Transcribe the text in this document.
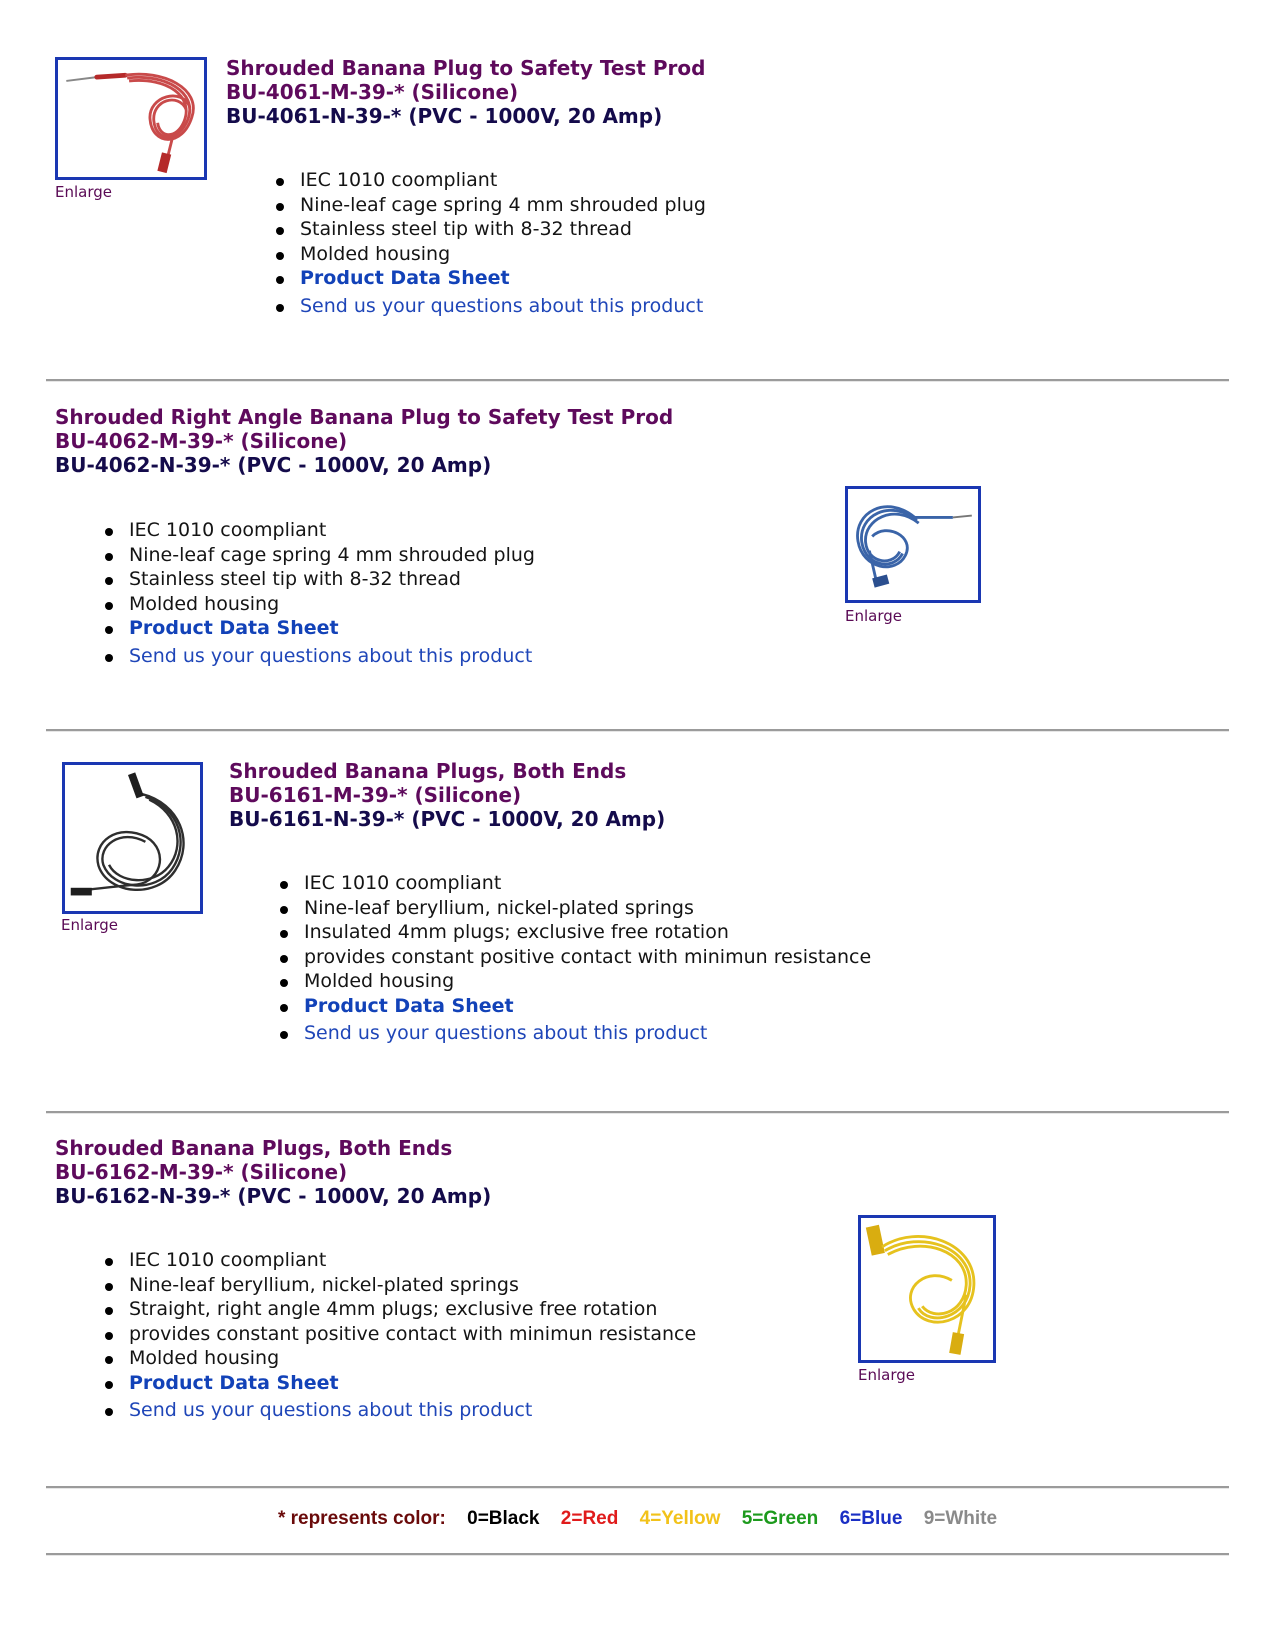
Enlarge

Shrouded Banana Plug to Safety Test Prod

BU-4061-M-39-* (Silicone)

BU-4061-N-39-* (PVC - 1000V, 20 Amp)

IEC 1010 coompliant
Nine-leaf cage spring 4 mm shrouded plug
Stainless steel tip with 8-32 thread
Molded housing
Product Data Sheet
Send us your questions about this product

Shrouded Right Angle Banana Plug to Safety Test Prod

BU-4062-M-39-* (Silicone)

BU-4062-N-39-* (PVC - 1000V, 20 Amp)

IEC 1010 coompliant
Nine-leaf cage spring 4 mm shrouded plug
Stainless steel tip with 8-32 thread
Molded housing
Product Data Sheet
Send us your questions about this product
Enlarge
Enlarge

Shrouded Banana Plugs, Both Ends

BU-6161-M-39-* (Silicone)

BU-6161-N-39-* (PVC - 1000V, 20 Amp)

IEC 1010 coompliant
Nine-leaf beryllium, nickel-plated springs
Insulated 4mm plugs; exclusive free rotation
provides constant positive contact with minimun resistance
Molded housing
Product Data Sheet
Send us your questions about this product

Shrouded Banana Plugs, Both Ends

BU-6162-M-39-* (Silicone)

BU-6162-N-39-* (PVC - 1000V, 20 Amp)

IEC 1010 coompliant
Nine-leaf beryllium, nickel-plated springs
Straight, right angle 4mm plugs; exclusive free rotation
provides constant positive contact with minimun resistance
Molded housing
Product Data Sheet
Send us your questions about this product
Enlarge
* represents color: 0=Black 2=Red 4=Yellow 5=Green 6=Blue 9=White
